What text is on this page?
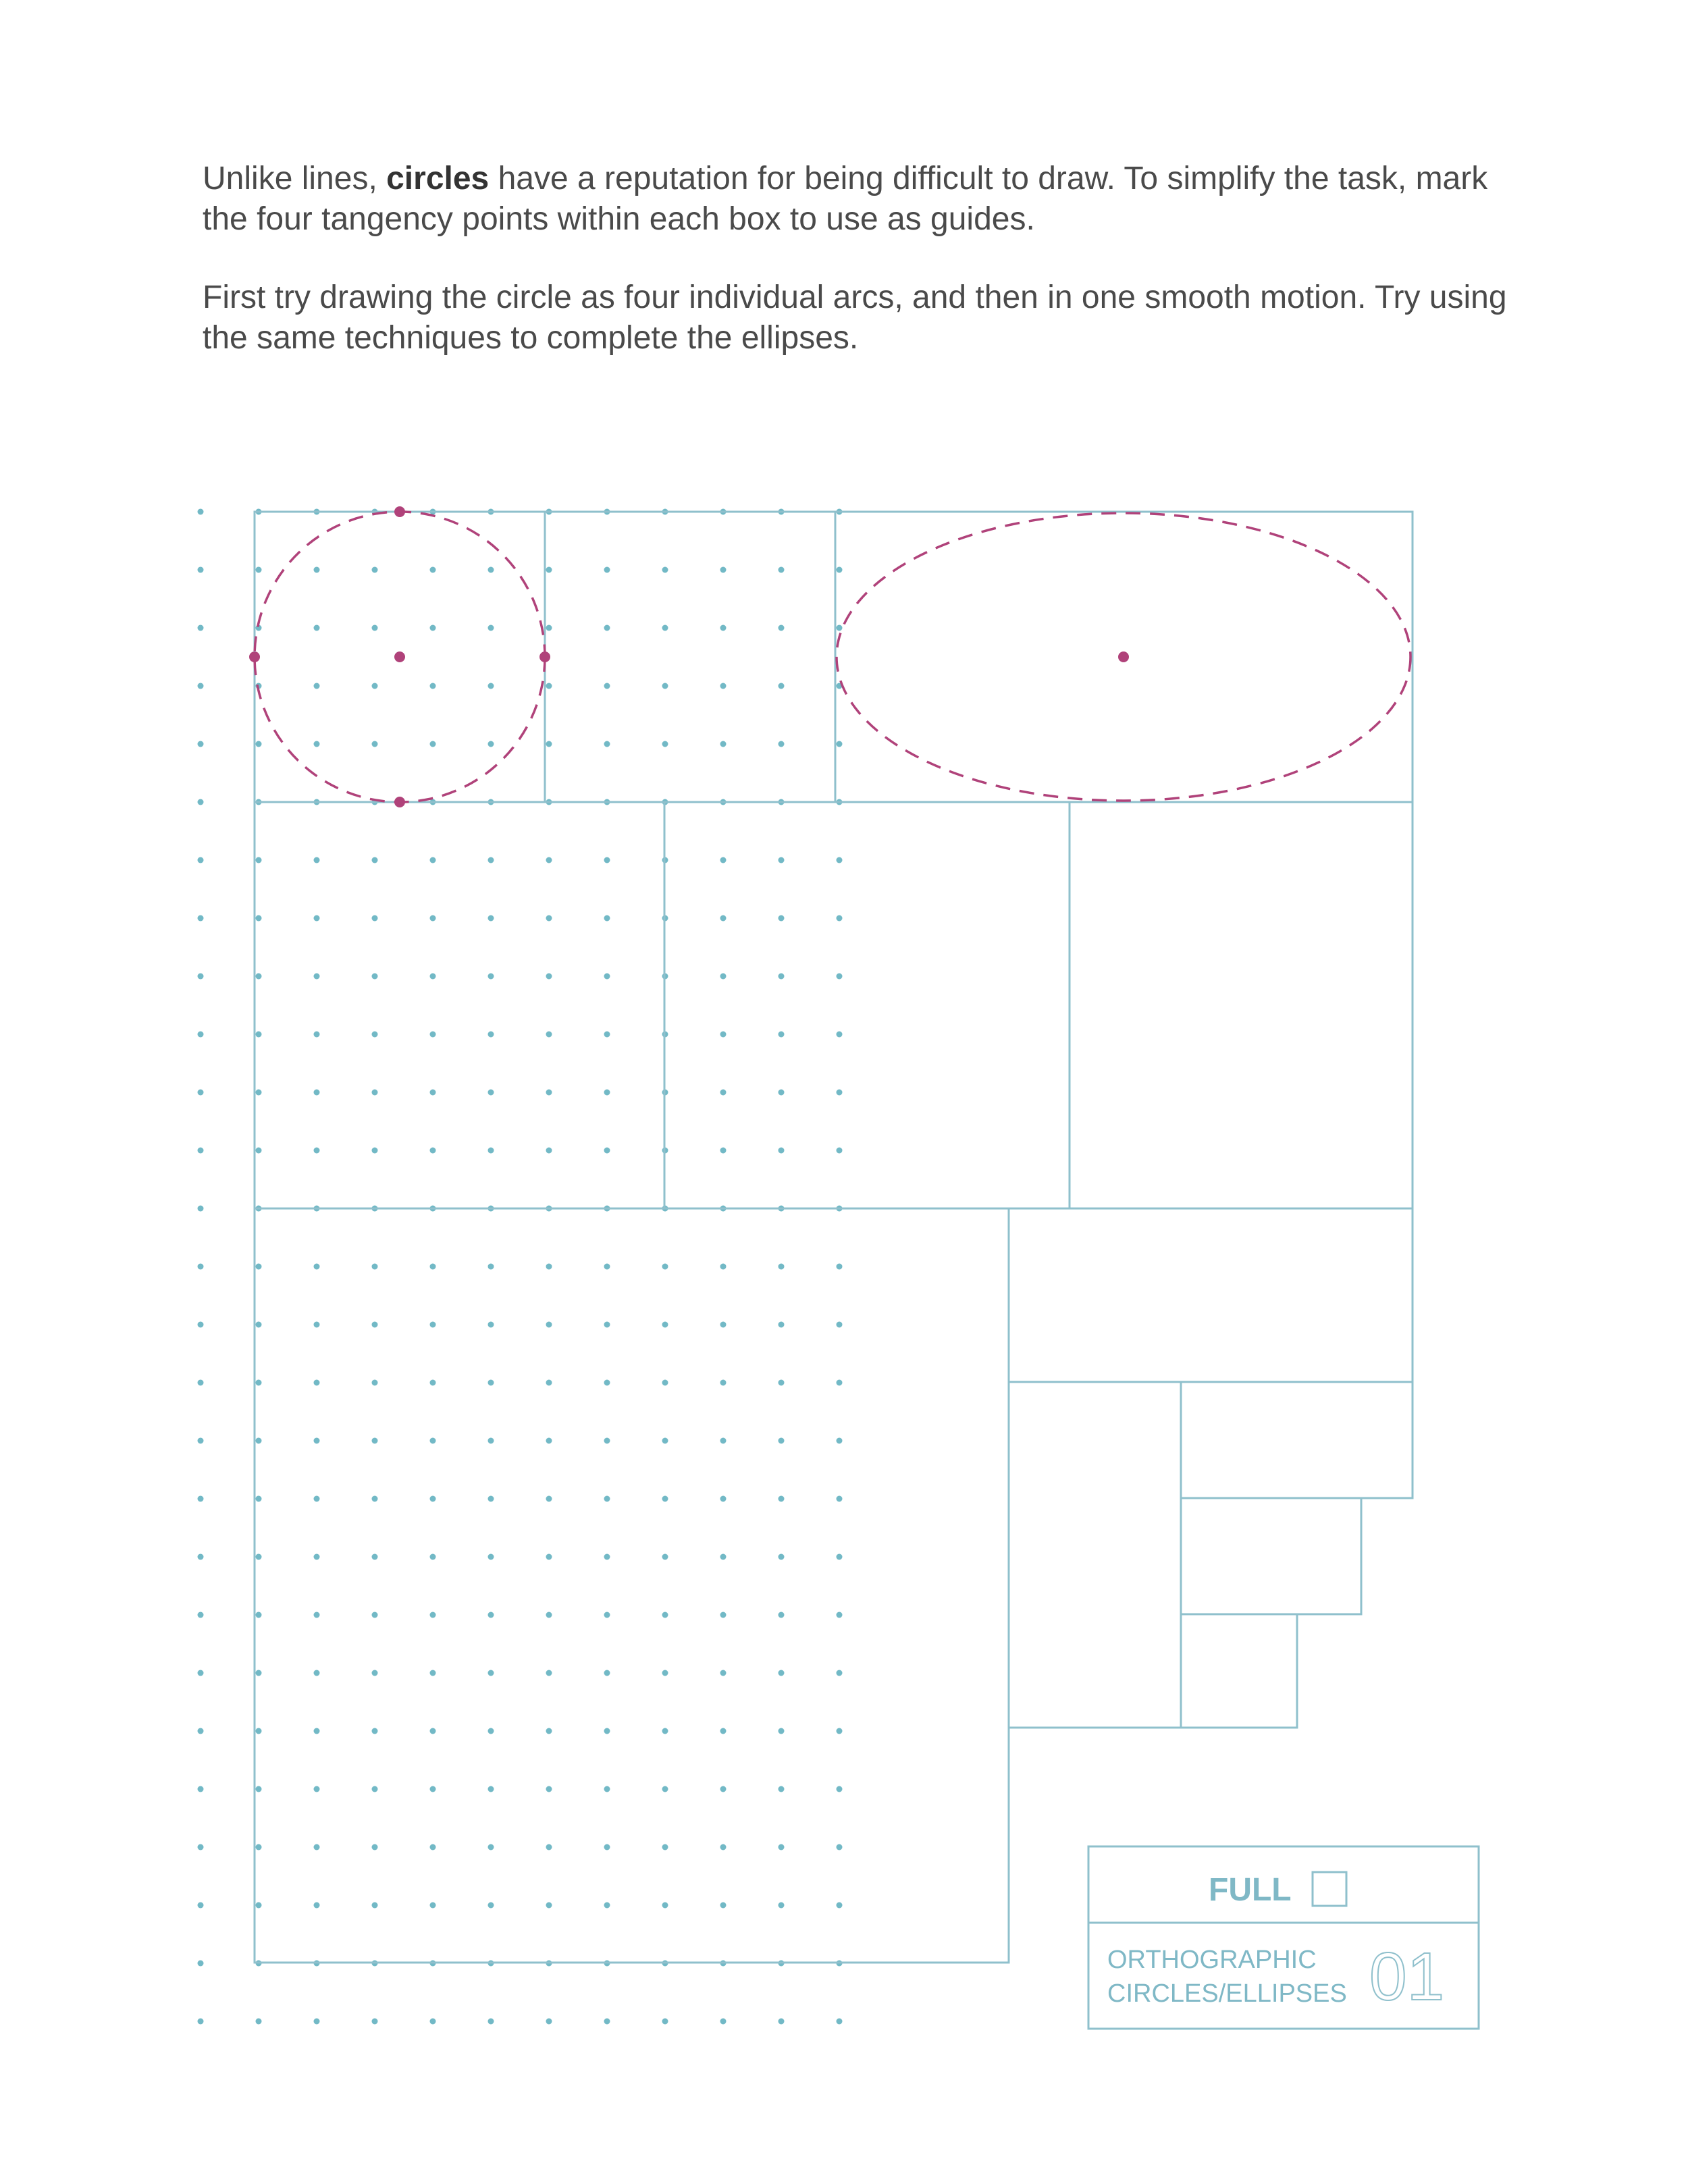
Unlike lines, circles have a reputation for being difficult to draw. To simplify the task, mark the four tangency points within each box to use as guides.

First try drawing the circle as four individual arcs, and then in one smooth motion. Try using the same techniques to complete the ellipses.

FULL
ORTHOGRAPHIC
CIRCLES/ELLIPSES 01
